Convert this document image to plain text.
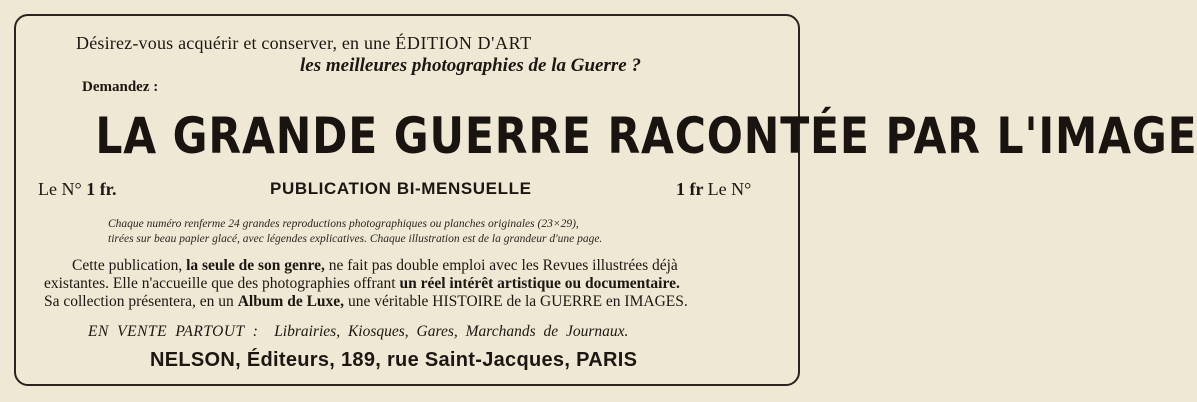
Désirez-vous acquérir et conserver, en une ÉDITION D'ART
les meilleures photographies de la Guerre ?
Demandez :
LA GRANDE GUERRE RACONTÉE PAR L'IMAGE
Le N° 1 fr.	PUBLICATION BI-MENSUELLE	1 fr Le N°
Chaque numéro renferme 24 grandes reproductions photographiques ou planches originales (23×29),
tirées sur beau papier glacé, avec légendes explicatives. Chaque illustration est de la grandeur d'une page.
Cette publication, la seule de son genre, ne fait pas double emploi avec les Revues illustrées déjà
existantes. Elle n'accueille que des photographies offrant un réel intérêt artistique ou documentaire.
Sa collection présentera, en un Album de Luxe, une véritable HISTOIRE de la GUERRE en IMAGES.
EN VENTE PARTOUT : Librairies, Kiosques, Gares, Marchands de Journaux.
NELSON, Éditeurs, 189, rue Saint-Jacques, PARIS
